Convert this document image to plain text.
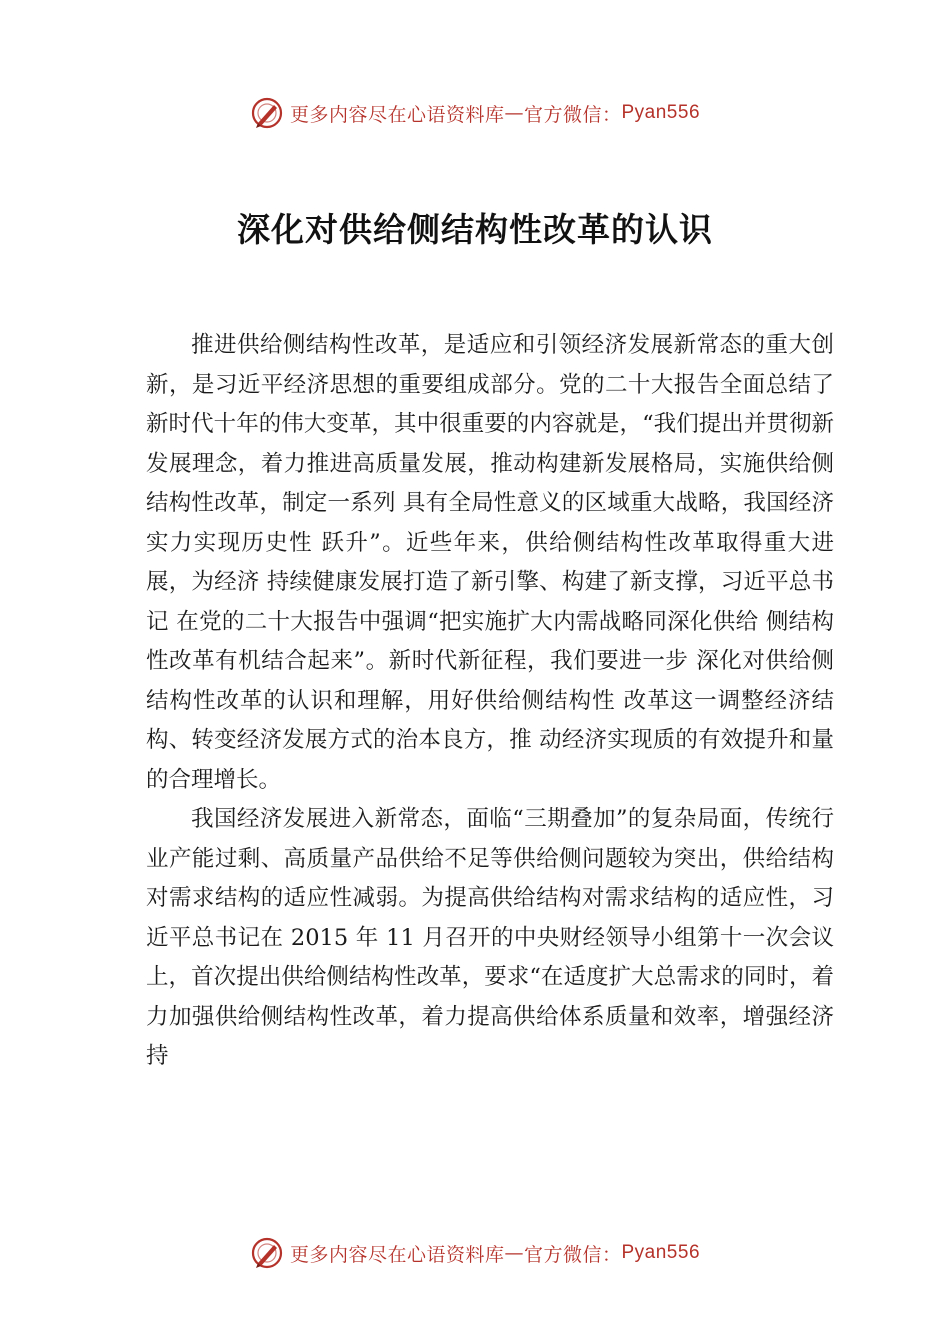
更多内容尽在心语资料库 — 官方微信： Pyan556
深化对供给侧结构性改革的认识

推进供给侧结构性改革，是适应和引领经济发展新常态的重大创新，是习近平经济思想的重要组成部分。党的二十大报告全面总结了新时代十年的伟大变革，其中很重要的内容就是，“我们提出并贯彻新发展理念，着力推进高质量发展，推动构建新发展格局，实施供给侧结构性改革，制定一系列 具有全局性意义的区域重大战略，我国经济实力实现历史性 跃升”。近些年来，供给侧结构性改革取得重大进展，为经济 持续健康发展打造了新引擎、构建了新支撑，习近平总书记 在党的二十大报告中强调“把实施扩大内需战略同深化供给 侧结构性改革有机结合起来”。新时代新征程，我们要进一步 深化对供给侧结构性改革的认识和理解，用好供给侧结构性 改革这一调整经济结构、转变经济发展方式的治本良方，推 动经济实现质的有效提升和量的合理增长。

我国经济发展进入新常态，面临“三期叠加”的复杂局面，传统行业产能过剩、高质量产品供给不足等供给侧问题较为突出，供给结构对需求结构的适应性减弱。为提高供给结构对需求结构的适应性，习近平总书记在 2015 年 11 月召开的中央财经领导小组第十一次会议上，首次提出供给侧结构性改革，要求“在适度扩大总需求的同时，着力加强供给侧结构性改革，着力提高供给体系质量和效率，增强经济持

更多内容尽在心语资料库 — 官方微信： Pyan556
